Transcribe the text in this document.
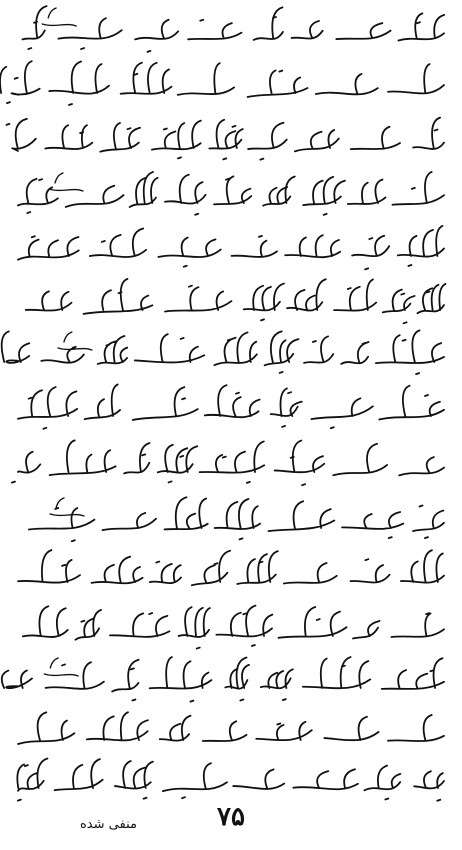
آنحضرت بهم رسیدم بعد درست کار عقیده و سرانجام غرض کرده به بلند و مشکو مرتبه...
در امور و ضایع و مانقص سازد مشکل کسی را بعد از آنکه رضای الهی در جمع خلقت ...
میخواهد از عزت و بزرگی آنکه روزها ...
زندگانی ...
...
...
...
...
...
...
...
...
...
...
...
منفی شده	۷۵
